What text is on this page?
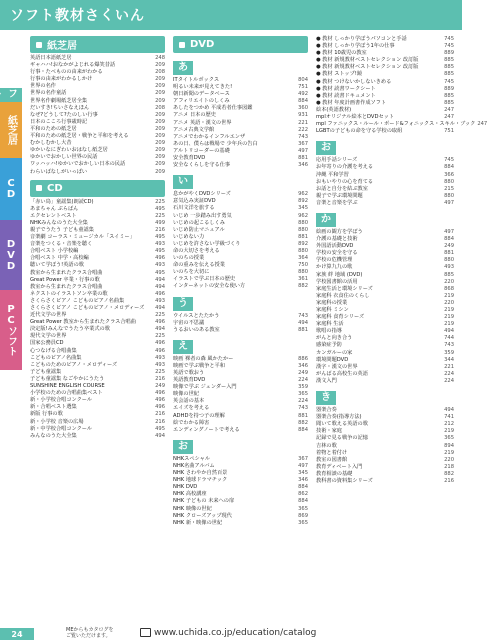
ソフト教材さくいん
ソフ
紙芝居
CD
DVD
PCソフト
紙芝居
英語日本語紙芝居	248
ギャハハ!おなかがよじれる爆笑昔話	209
行事・たべものの由来がわかる	208
行事の由来がわかるしかけ	209
世界の名作	209
世界の名作童話	209
世界名作劇場紙芝居全集	209
だいすき!ちいさなえほん	208
なぜ?どうして?たのしい行事	209
日本のこころ行事歳時記	209
平和のための紙芝居	209
平和のための紙芝居・戦争と平和を考える	209
むかしむかし大昔	209
ゆかいなにぎわいおはなし紙芝居	209
ゆかいでおかしい世界の民話	209
ワッハッハ!ゆかいでおかしい日本の民話	209
わらいばなしがいっぱい	209
CD
「赤い鳥」童謡集(朗読CD)	225
あまちゃん ぷらばん	495
エクセレントベスト	225
NHKみんなのうた大全集	499
親子でうたう 子ども童謡集	216
音楽劇 コーラス・ミュージカル「スイミー」	495
音楽をつくる・音楽を聴く	493
合唱ベスト 小学校編	495
合唱ベスト 中学・高校編	496
聴いて学ぼう!英語の歌	493
教室から生まれたクラス合唱曲	495
Great Power 卒業・行事の歌	494
教室から生まれたクラス合唱曲	494
ネクストのイラストソン卒業の歌	496
さくらさくピアノ こどものピアノ名曲集	493
さくらさくピアノ こどものピアノ・メロディーズ 494
近代文学の世界	225
Great Power 教室から生まれたクラス合唱曲	496
決定版!みんなでうたう卒業式の歌	494
現代文学の世界	225
国家公務員CD	496
心つなげる合唱曲集	496
こどものピアノ名曲集	493
こどものためのピアノ・メロディーズ	493
子ども童謡集	225
子ども童謡集 なごやかにうたう	216
SUNSHINE ENGLISH COURSE	249
小学校のための合唱曲集ベスト	496
新・小学校合唱コンクール	496
新・合唱ベスト選集	496
新版 行事の歌	216
新・小学校 音楽の広場	216
新・中学校合唱コンクール	495
みんなのうた大全集	494
DVD
あ
ITタイトルボックス	804
明るい未来が見えてきた!	751
朝日新聞のデータベース	492
アフィリエイトのしくみ	884
あしたをつかめ 平成若者仕事図鑑	360
アニメ 日本の歴史	931
アニメ 英語・漢文の世界	221
アニメ古典文学館	222
アニメでわかるインフルエンザ	743
あの日、僕らは戦場で 少年兵の告白	367
アルトリコーダーの基礎	497
安全教育DVD	881
安全なくらしを守る仕事	346
い
息かがやくDVDシリーズ	962
意気込み実証DVD	892
石川文洋を旅する	345
いじめ 一歩踏み出す勇気	962
いじめの起こるしくみ	880
いじめ防止マニュアル	880
いじめない力	881
いじめを許さない学級づくり	892
命の大切さを考える	880
いのちの授業	364
命の重みを伝える授業	750
いのちを大切に	880
イラストで学ぶ日本の歴史	361
インターネットの安全な使い方	882
う
ウイルスとたたかう	743
宇宙の不思議	494
うるおいのある教室	881
え
映画 裸者の森 風かたかー	886
映画で学ぶ戦争と平和	346
英語で歌おう	249
英語教育DVD	224
映像で学ぶ ジェンダー入門	359
映像の世紀	365
英会話の基本	224
エイズを考える	743
ADHDを持つ子の理解	881
絵でわかる障害	882
エンディングノートで考える	884
お
NHKスペシャル	367
NHK名曲アルバム	497
NHK さわやか自然百景	345
NHK 地球ドラマチック	346
NHK DVD	884
NHK 高校講座	862
NHK 子どもの 未来への扉	884
NHK 映像の世紀	365
NHK クローズアップ現代	869
NHK 新・映像の世紀	365
● 教材 しっかり学ぼうパソコンと手話	745
● 教材 しっかり学ぼう1年の仕事	745
● 教材 10歳児の教室	889
● 教材 新規教材ベストセレクション 改訂版	885
● 教材 新規教材ベストセレクション 改訂版	885
● 教材 ストップ!鏡	885
● 教材 つけないかしないきめる	745
● 教材 読書ワークシート	889
● 教材 読書ドキュメント	885
● 教材 年度計画書作成ソフト	885
絵本(英語教材)	247
mplオリジナル絵本とDVDセット	247
mpl ファニックス・ルール・ボード&フォニックス・スキル・ブック 247
LGBTの子どもの命を守る学校の取組	751
お
応用手話シリーズ	745
お年寄りの介護を考える	884
沖縄 平和学習	366
おもいやりの心を育てる	880
お話と自分を結ぶ教室	215
親子で学ぶ環境問題	880
音楽と音楽を学ぶ	497
か
絵画の観方を学ぼう	497
介護の基礎と技術	884
外国語活動DVD	249
学校の安全を守る	881
学校の危機管理	880
かけ算九九の歌	493
家族 絆 地域 (DVD)	885
学校図書館の活用	220
家庭生活と環境シリーズ	868
家庭科 衣食住のくらし	219
家庭科の授業	220
家庭科 ミシン	219
家庭科 食育シリーズ	219
家庭科 生活	219
歌唱の指導	494
がんと向き合う	744
感染症予防	743
カンガルーの家	359
環境問題DVD	344
漢字・漢文の世界	221
がんばる高校生の英語	224
漢文入門	224
き
器楽合奏	494
器楽合奏(指導方法)	741
聞いて歌える英語の歌	212
技術・家庭	219
記録で見る戦争の記憶	365
吉林の歌	894
着物と着付け	219
教室の図書館	220
教育ディベート入門	218
教育相談の基礎	882
教科書の資料集シリーズ	216
24	MEからもカタログを
ご覧いただけます。	www.uchida.co.jp/education/catalog
